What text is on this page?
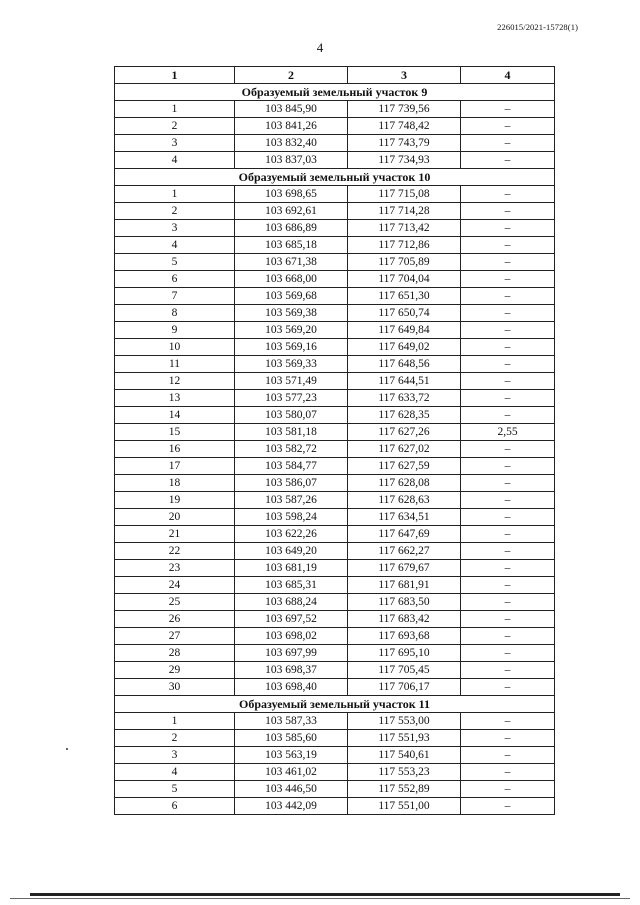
226015/2021-15728(1)
4
1	2	3	4
Образуемый земельный участок 9			
1	103 845,90	117 739,56	–
2	103 841,26	117 748,42	–
3	103 832,40	117 743,79	–
4	103 837,03	117 734,93	–
Образуемый земельный участок 10			
1	103 698,65	117 715,08	–
2	103 692,61	117 714,28	–
3	103 686,89	117 713,42	–
4	103 685,18	117 712,86	–
5	103 671,38	117 705,89	–
6	103 668,00	117 704,04	–
7	103 569,68	117 651,30	–
8	103 569,38	117 650,74	–
9	103 569,20	117 649,84	–
10	103 569,16	117 649,02	–
11	103 569,33	117 648,56	–
12	103 571,49	117 644,51	–
13	103 577,23	117 633,72	–
14	103 580,07	117 628,35	–
15	103 581,18	117 627,26	2,55
16	103 582,72	117 627,02	–
17	103 584,77	117 627,59	–
18	103 586,07	117 628,08	–
19	103 587,26	117 628,63	–
20	103 598,24	117 634,51	–
21	103 622,26	117 647,69	–
22	103 649,20	117 662,27	–
23	103 681,19	117 679,67	–
24	103 685,31	117 681,91	–
25	103 688,24	117 683,50	–
26	103 697,52	117 683,42	–
27	103 698,02	117 693,68	–
28	103 697,99	117 695,10	–
29	103 698,37	117 705,45	–
30	103 698,40	117 706,17	–
Образуемый земельный участок 11			
1	103 587,33	117 553,00	–
2	103 585,60	117 551,93	–
3	103 563,19	117 540,61	–
4	103 461,02	117 553,23	–
5	103 446,50	117 552,89	–
6	103 442,09	117 551,00	–
